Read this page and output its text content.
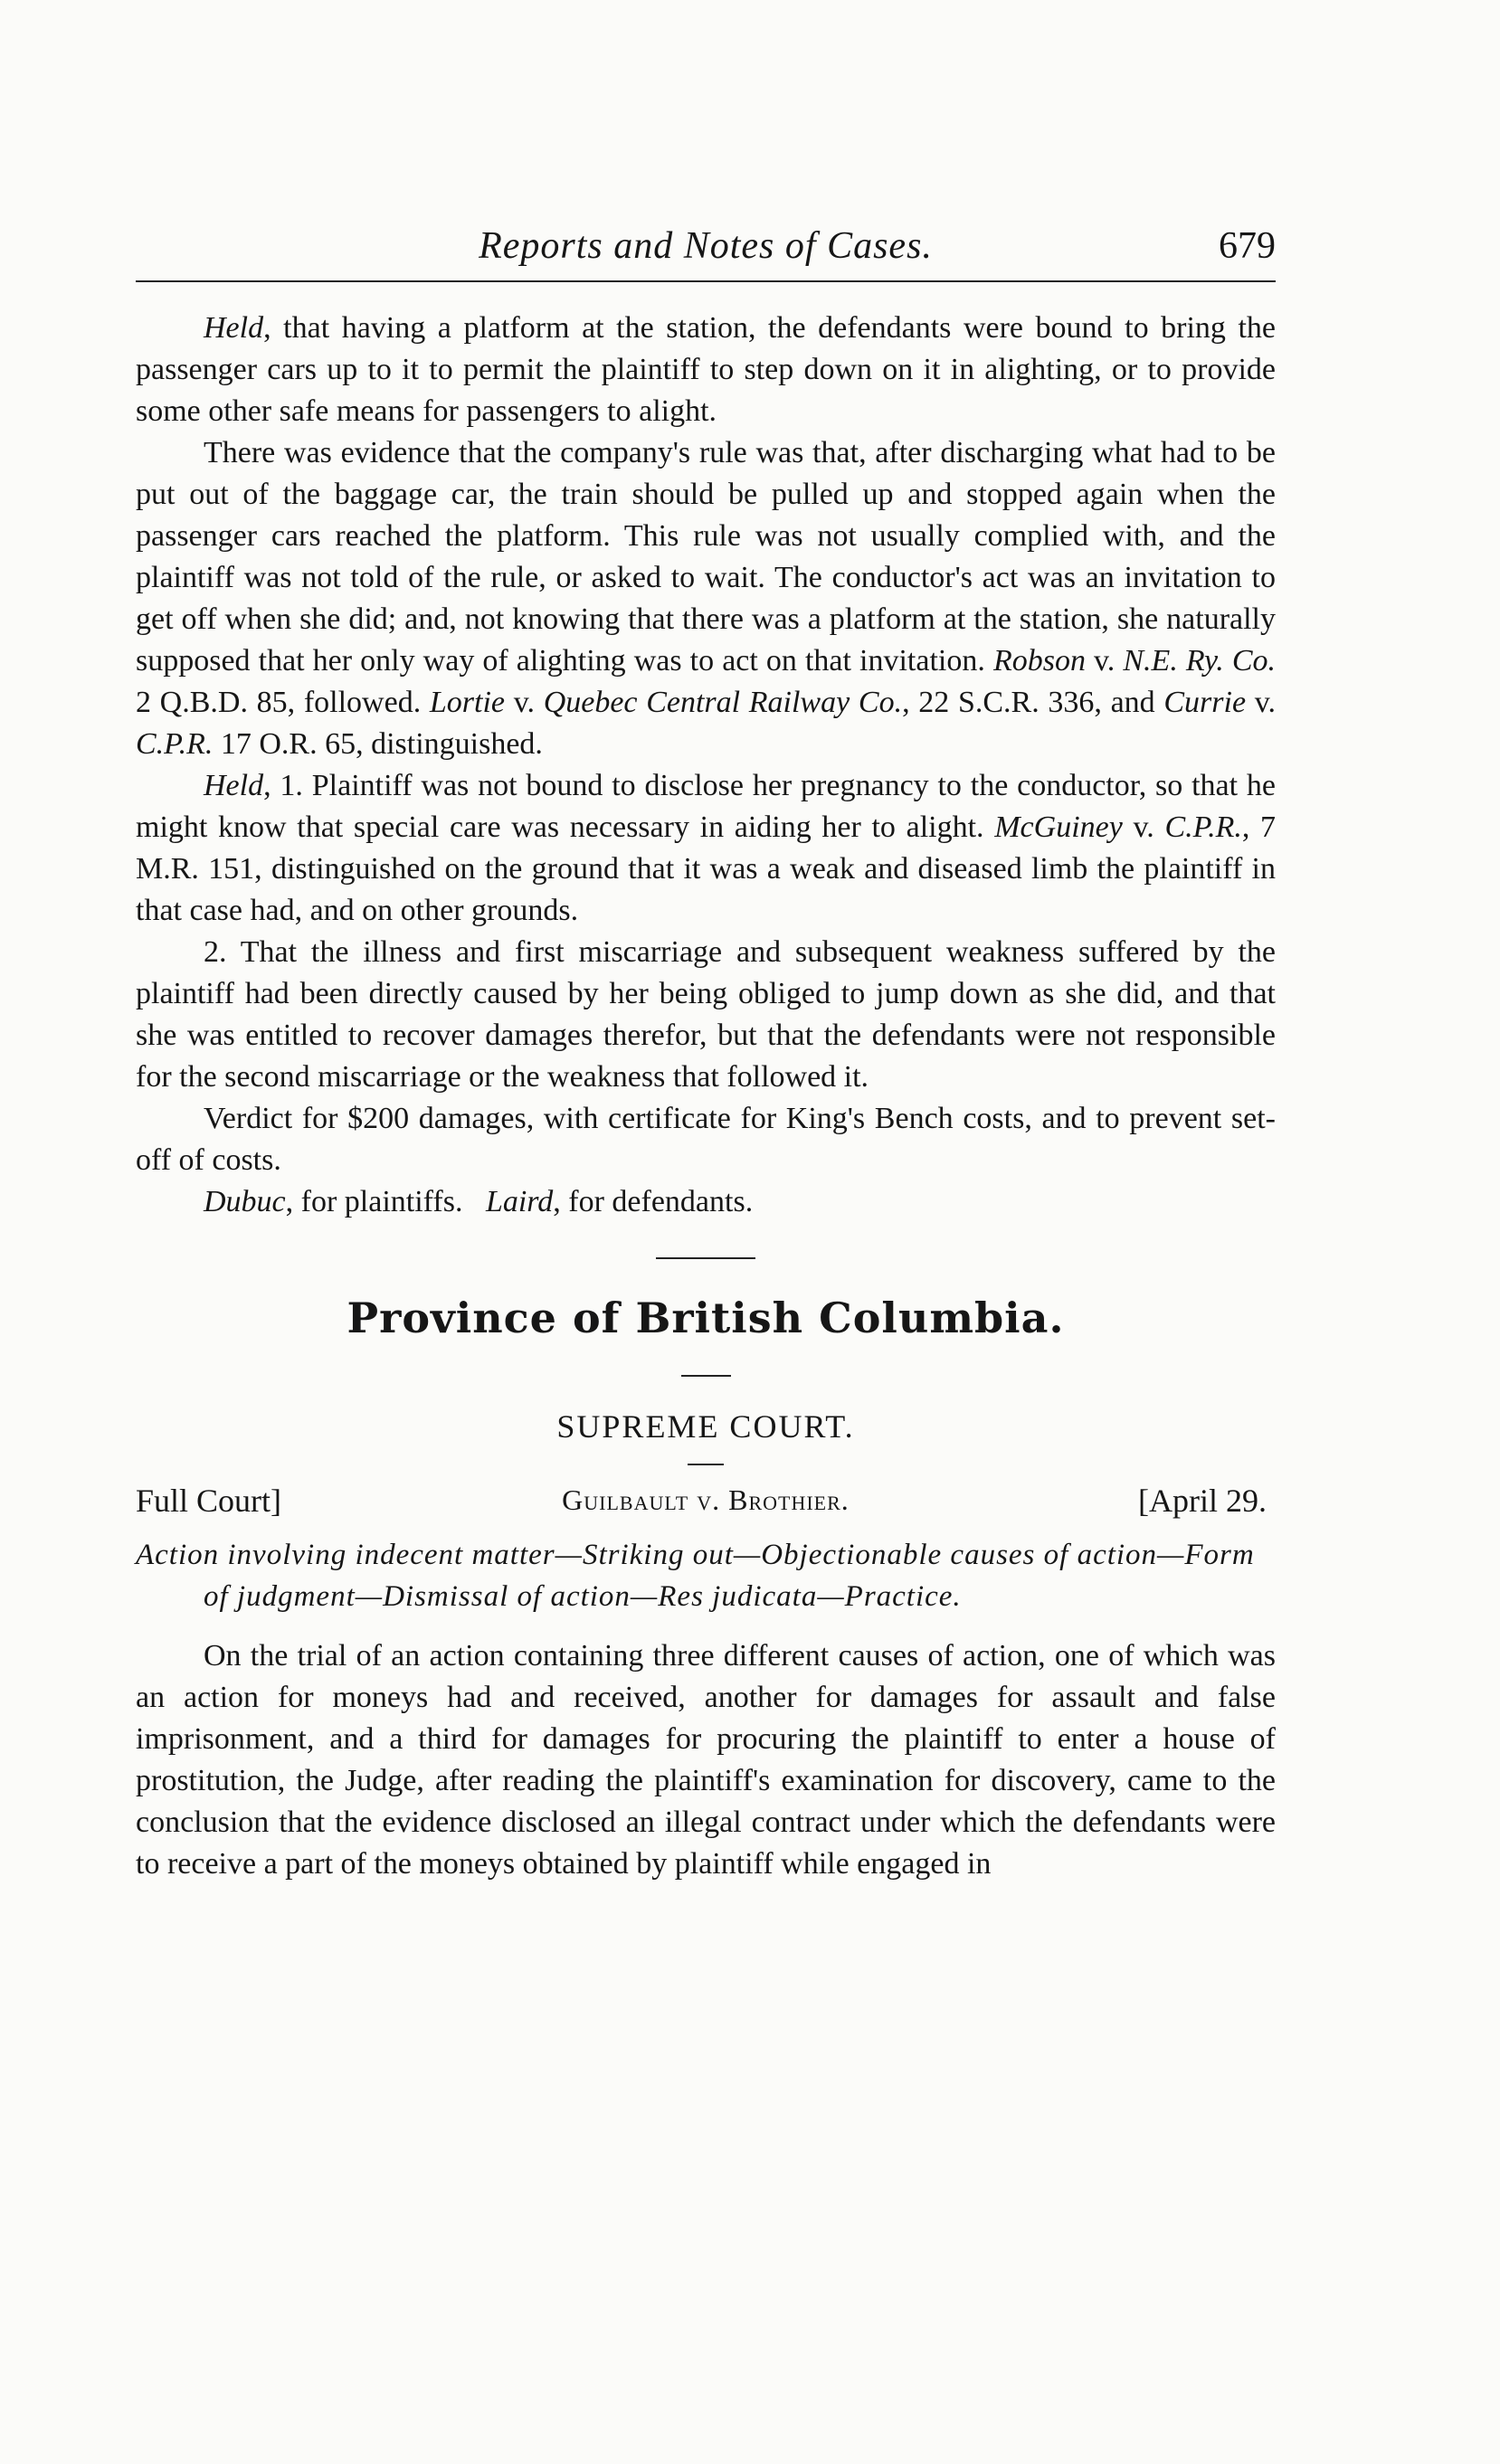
Reports and Notes of Cases.	679

Held, that having a platform at the station, the defendants were bound to bring the passenger cars up to it to permit the plaintiff to step down on it in alighting, or to provide some other safe means for passengers to alight.

There was evidence that the company's rule was that, after discharging what had to be put out of the baggage car, the train should be pulled up and stopped again when the passenger cars reached the platform. This rule was not usually complied with, and the plaintiff was not told of the rule, or asked to wait. The conductor's act was an invitation to get off when she did; and, not knowing that there was a platform at the station, she naturally supposed that her only way of alighting was to act on that invitation. Robson v. N.E. Ry. Co. 2 Q.B.D. 85, followed. Lortie v. Quebec Central Railway Co., 22 S.C.R. 336, and Currie v. C.P.R. 17 O.R. 65, distinguished.

Held, 1. Plaintiff was not bound to disclose her pregnancy to the conductor, so that he might know that special care was necessary in aiding her to alight. McGuiney v. C.P.R., 7 M.R. 151, distinguished on the ground that it was a weak and diseased limb the plaintiff in that case had, and on other grounds.

2. That the illness and first miscarriage and subsequent weakness suffered by the plaintiff had been directly caused by her being obliged to jump down as she did, and that she was entitled to recover damages therefor, but that the defendants were not responsible for the second miscarriage or the weakness that followed it.

Verdict for $200 damages, with certificate for King's Bench costs, and to prevent set-off of costs.

Dubuc, for plaintiffs. Laird, for defendants.

Province of British Columbia.
SUPREME COURT.
Full Court]	Guilbault v. Brothier.	[April 29.
Action involving indecent matter—Striking out—Objectionable causes of action—Form of judgment—Dismissal of action—Res judicata—Practice.

On the trial of an action containing three different causes of action, one of which was an action for moneys had and received, another for damages for assault and false imprisonment, and a third for damages for procuring the plaintiff to enter a house of prostitution, the Judge, after reading the plaintiff's examination for discovery, came to the conclusion that the evidence disclosed an illegal contract under which the defendants were to receive a part of the moneys obtained by plaintiff while engaged in
